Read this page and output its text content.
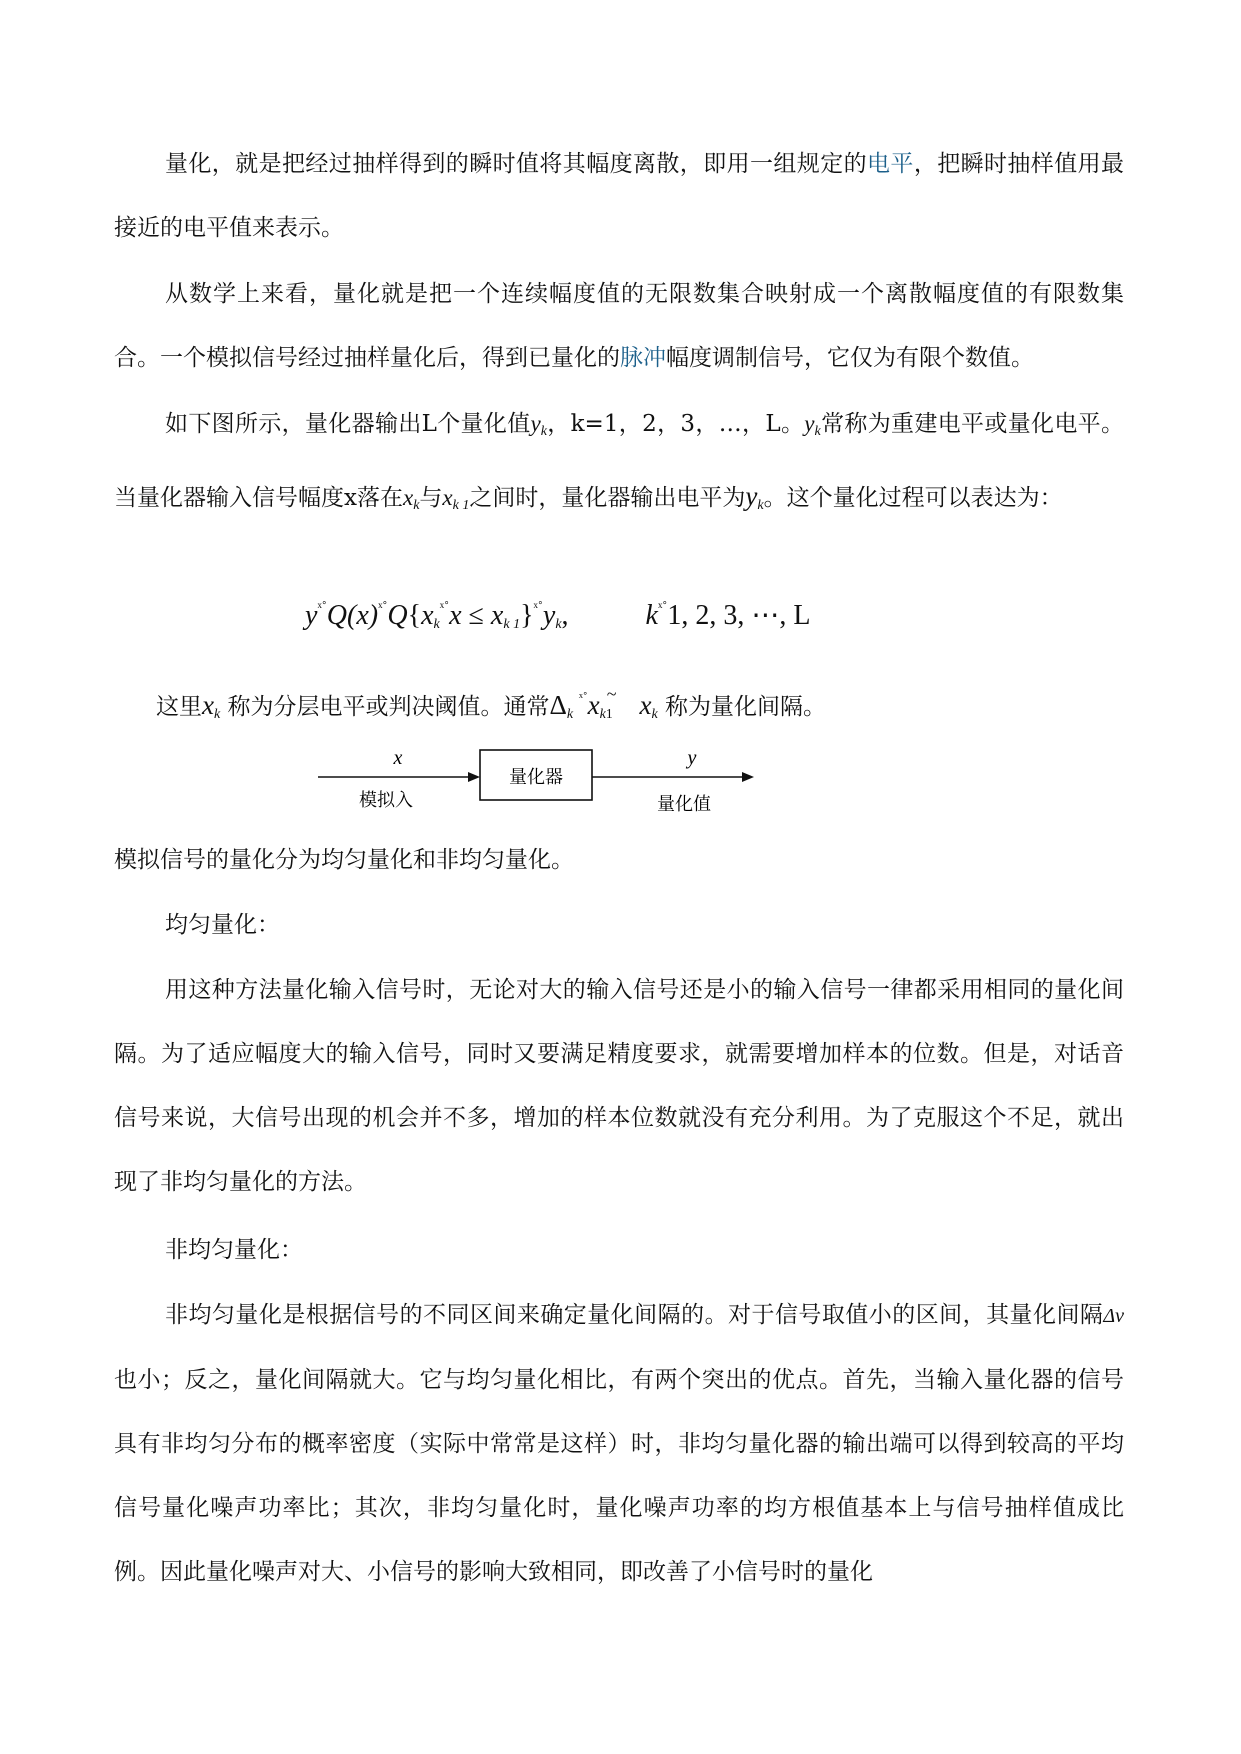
量化，就是把经过抽样得到的瞬时值将其幅度离散，即用一组规定的电平，把瞬时抽样值用最接近的电平值来表示。

从数学上来看，量化就是把一个连续幅度值的无限数集合映射成一个离散幅度值的有限数集合。一个模拟信号经过抽样量化后，得到已量化的脉冲幅度调制信号，它仅为有限个数值。

如下图所示，量化器输出L个量化值$y_k$，k=1，2，3，…，L。$y_k$常称为重建电平或量化电平。当量化器输入信号幅度x落在$x_k$与$x_{k 1}$之间时，量化器输出电平为$y_k$。这个量化过程可以表达为：

$y^{ˣ˚}Q(x)^{ˣ˚}Q\{x_k^{ˣ˚}x \le x_{k 1}\}^{ˣ˚}y_k$,	$k^{ˣ˚}1$, 2, 3, ⋯, L

这里$x_k$ 称为分层电平或判决阈值。通常$\Delta_k$ $^{ˣ˚}x_k1^\sim$ $x_k$ 称为量化间隔。

x
模拟入
量化器
y
量化值

模拟信号的量化分为均匀量化和非均匀量化。

均匀量化：

用这种方法量化输入信号时，无论对大的输入信号还是小的输入信号一律都采用相同的量化间隔。为了适应幅度大的输入信号，同时又要满足精度要求，就需要增加样本的位数。但是，对话音信号来说，大信号出现的机会并不多，增加的样本位数就没有充分利用。为了克服这个不足，就出现了非均匀量化的方法。

非均匀量化：

非均匀量化是根据信号的不同区间来确定量化间隔的。对于信号取值小的区间，其量化间隔Δv也小；反之，量化间隔就大。它与均匀量化相比，有两个突出的优点。首先，当输入量化器的信号具有非均匀分布的概率密度（实际中常常是这样）时，非均匀量化器的输出端可以得到较高的平均信号量化噪声功率比；其次，非均匀量化时，量化噪声功率的均方根值基本上与信号抽样值成比例。因此量化噪声对大、小信号的影响大致相同，即改善了小信号时的量化
